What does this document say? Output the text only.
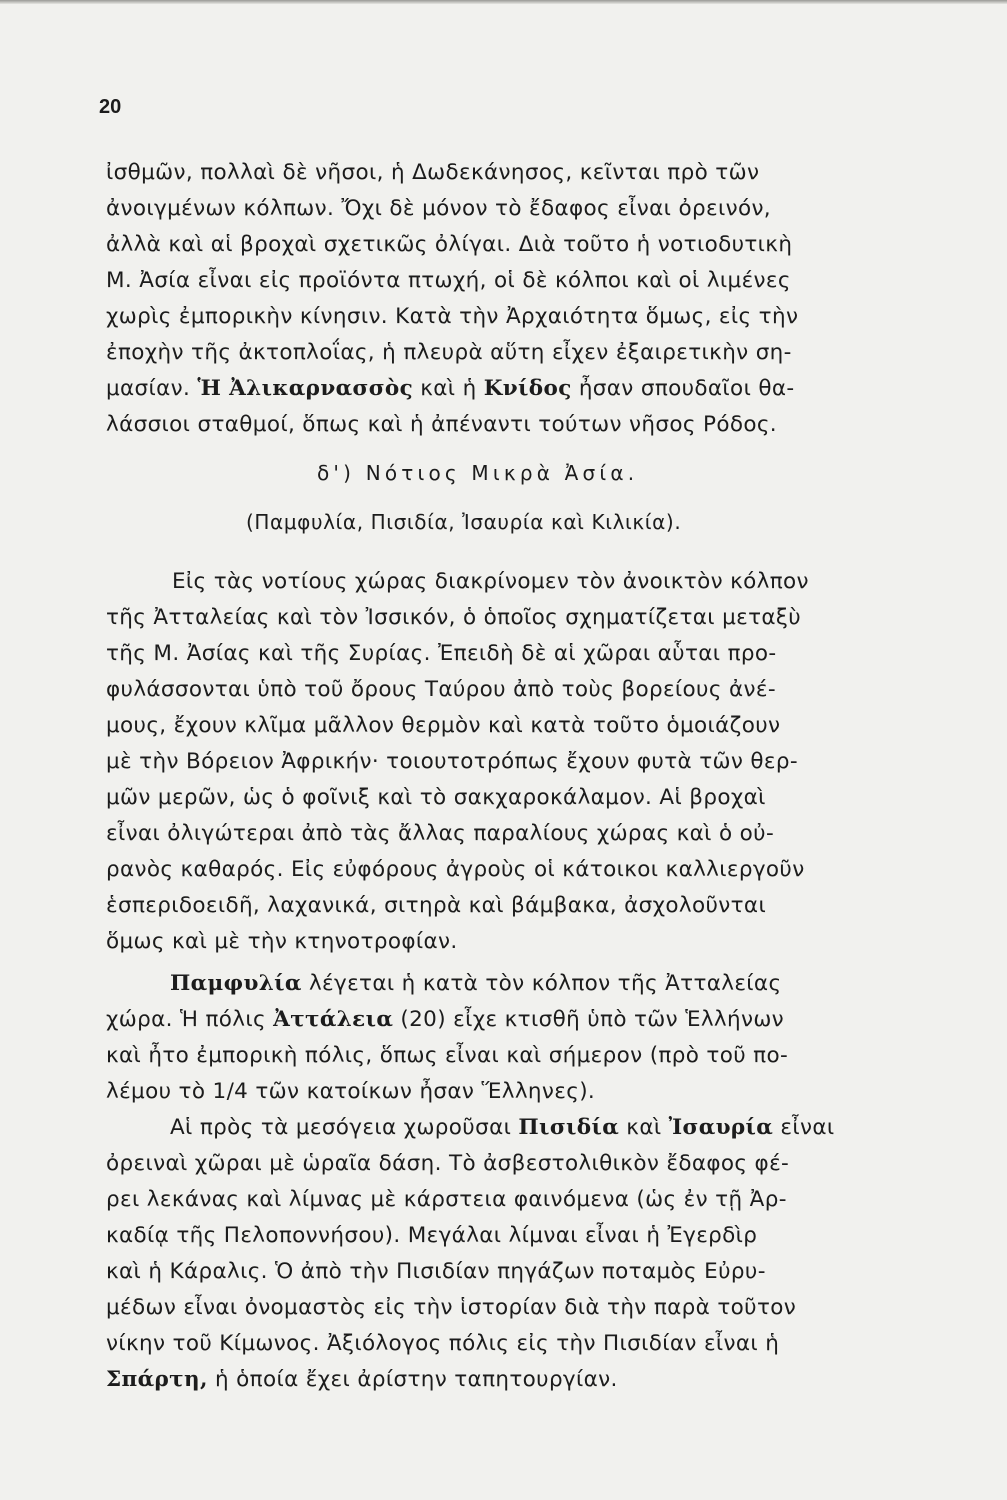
20
ἰσθμῶν, πολλαὶ δὲ νῆσοι, ἡ Δωδεκάνησος, κεῖνται πρὸ τῶν
ἀνοιγμένων κόλπων. Ὄχι δὲ μόνον τὸ ἔδαφος εἶναι ὀρεινόν,
ἀλλὰ καὶ αἱ βροχαὶ σχετικῶς ὀλίγαι. Διὰ τοῦτο ἡ νοτιοδυτικὴ
Μ. Ἀσία εἶναι εἰς προϊόντα πτωχή, οἱ δὲ κόλποι καὶ οἱ λιμένες
χωρὶς ἐμπορικὴν κίνησιν. Κατὰ τὴν Ἀρχαιότητα ὅμως, εἰς τὴν
ἐποχὴν τῆς ἀκτοπλοΐας, ἡ πλευρὰ αὕτη εἶχεν ἐξαιρετικὴν ση-
μασίαν. Ἡ Ἀλικαρνασσὸς καὶ ἡ Κνίδος ἦσαν σπουδαῖοι θα-
λάσσιοι σταθμοί, ὅπως καὶ ἡ ἀπέναντι τούτων νῆσος Ρόδος.
δ') Νότιος Μικρὰ Ἀσία.
(Παμφυλία, Πισιδία, Ἰσαυρία καὶ Κιλικία).
Εἰς τὰς νοτίους χώρας διακρίνομεν τὸν ἀνοικτὸν κόλπον
τῆς Ἀτταλείας καὶ τὸν Ἰσσικόν, ὁ ὁποῖος σχηματίζεται μεταξὺ
τῆς Μ. Ἀσίας καὶ τῆς Συρίας. Ἐπειδὴ δὲ αἱ χῶραι αὗται προ-
φυλάσσονται ὑπὸ τοῦ ὄρους Ταύρου ἀπὸ τοὺς βορείους ἀνέ-
μους, ἔχουν κλῖμα μᾶλλον θερμὸν καὶ κατὰ τοῦτο ὁμοιάζουν
μὲ τὴν Βόρειον Ἀφρικήν· τοιουτοτρόπως ἔχουν φυτὰ τῶν θερ-
μῶν μερῶν, ὡς ὁ φοῖνιξ καὶ τὸ σακχαροκάλαμον. Αἱ βροχαὶ
εἶναι ὀλιγώτεραι ἀπὸ τὰς ἄλλας παραλίους χώρας καὶ ὁ οὐ-
ρανὸς καθαρός. Εἰς εὐφόρους ἀγροὺς οἱ κάτοικοι καλλιεργοῦν
ἑσπεριδοειδῆ, λαχανικά, σιτηρὰ καὶ βάμβακα, ἀσχολοῦνται
ὅμως καὶ μὲ τὴν κτηνοτροφίαν.
Παμφυλία λέγεται ἡ κατὰ τὸν κόλπον τῆς Ἀτταλείας
χώρα. Ἡ πόλις Ἀττάλεια (20) εἶχε κτισθῆ ὑπὸ τῶν Ἑλλήνων
καὶ ἦτο ἐμπορικὴ πόλις, ὅπως εἶναι καὶ σήμερον (πρὸ τοῦ πο-
λέμου τὸ 1/4 τῶν κατοίκων ἦσαν Ἕλληνες).
Αἱ πρὸς τὰ μεσόγεια χωροῦσαι Πισιδία καὶ Ἰσαυρία εἶναι
ὀρειναὶ χῶραι μὲ ὡραῖα δάση. Τὸ ἀσβεστολιθικὸν ἔδαφος φέ-
ρει λεκάνας καὶ λίμνας μὲ κάρστεια φαινόμενα (ὡς ἐν τῇ Ἀρ-
καδίᾳ τῆς Πελοποννήσου). Μεγάλαι λίμναι εἶναι ἡ Ἐγερδὶρ
καὶ ἡ Κάραλις. Ὁ ἀπὸ τὴν Πισιδίαν πηγάζων ποταμὸς Εὐρυ-
μέδων εἶναι ὀνομαστὸς εἰς τὴν ἱστορίαν διὰ τὴν παρὰ τοῦτον
νίκην τοῦ Κίμωνος. Ἀξιόλογος πόλις εἰς τὴν Πισιδίαν εἶναι ἡ
Σπάρτη, ἡ ὁποία ἔχει ἀρίστην ταπητουργίαν.
